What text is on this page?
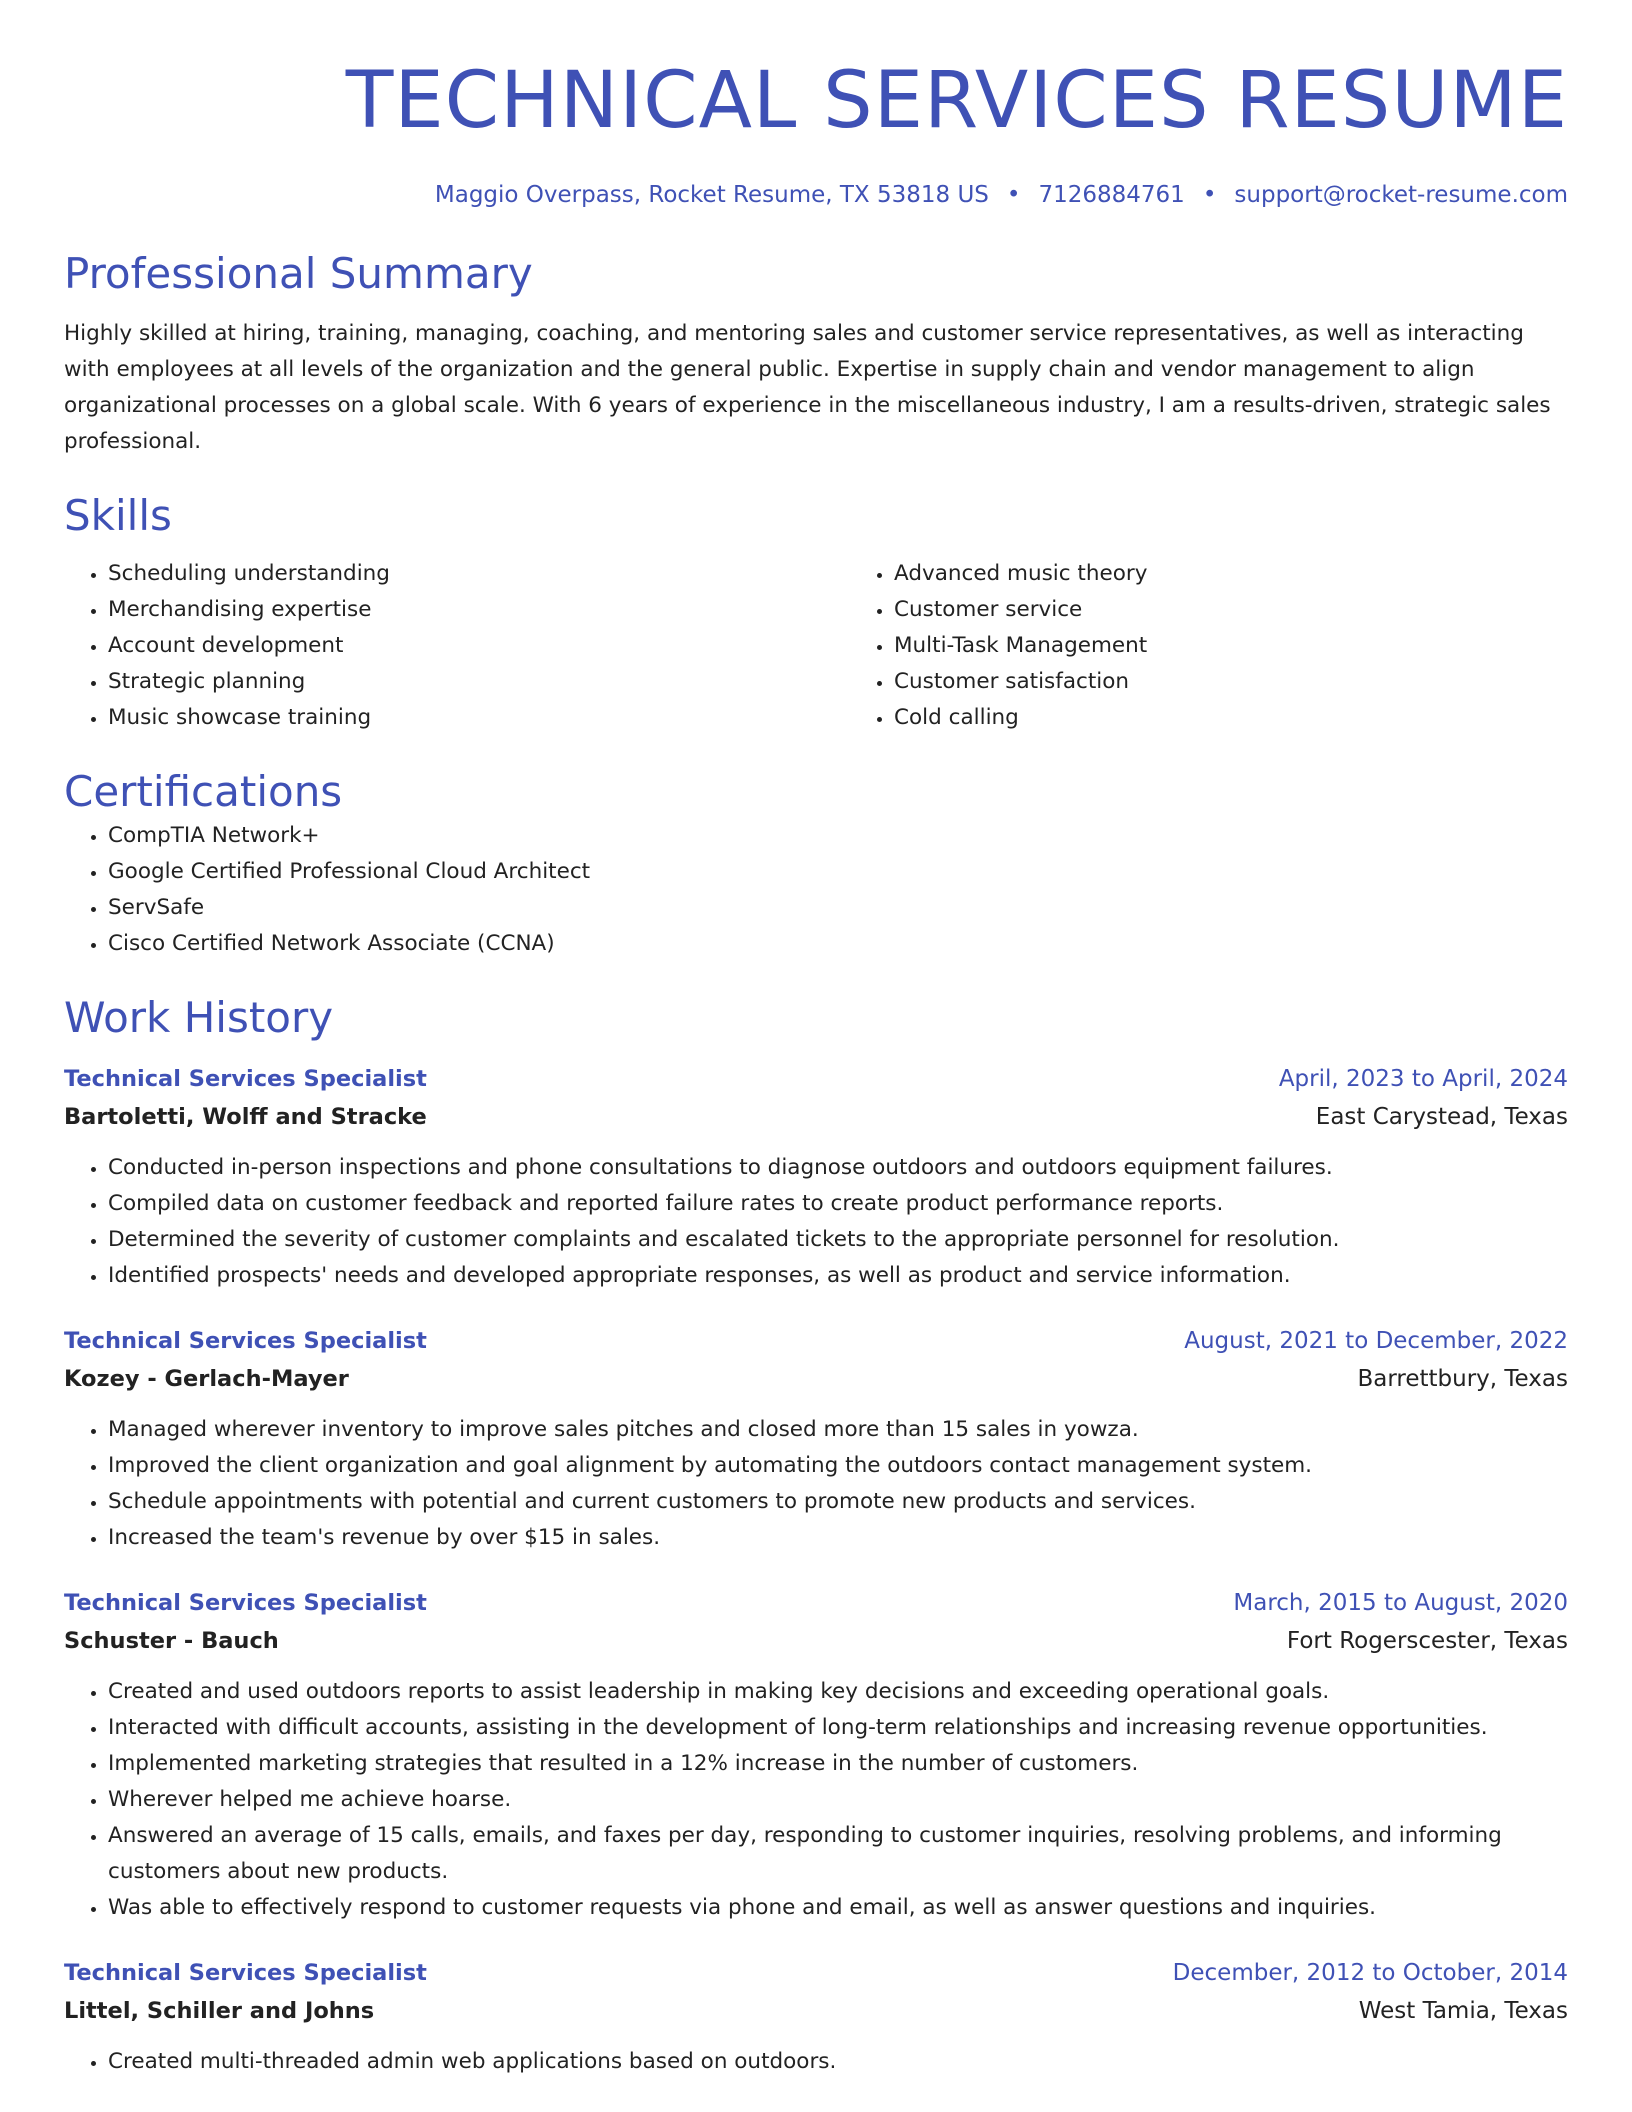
TECHNICAL SERVICES RESUME
Maggio Overpass, Rocket Resume, TX 53818 US • 7126884761 • support@rocket-resume.com
Professional Summary

Highly skilled at hiring, training, managing, coaching, and mentoring sales and customer service representatives, as well as interacting with employees at all levels of the organization and the general public. Expertise in supply chain and vendor management to align organizational processes on a global scale. With 6 years of experience in the miscellaneous industry, I am a results-driven, strategic sales professional.

Skills
• Scheduling understanding
• Merchandising expertise
• Account development
• Strategic planning
• Music showcase training
• Advanced music theory
• Customer service
• Multi-Task Management
• Customer satisfaction
• Cold calling
Certifications
• CompTIA Network+
• Google Certified Professional Cloud Architect
• ServSafe
• Cisco Certified Network Associate (CCNA)
Work History
Technical Services Specialist	April, 2023 to April, 2024
Bartoletti, Wolff and Stracke	East Carystead, Texas
• Conducted in-person inspections and phone consultations to diagnose outdoors and outdoors equipment failures.
• Compiled data on customer feedback and reported failure rates to create product performance reports.
• Determined the severity of customer complaints and escalated tickets to the appropriate personnel for resolution.
• Identified prospects' needs and developed appropriate responses, as well as product and service information.
Technical Services Specialist	August, 2021 to December, 2022
Kozey - Gerlach-Mayer	Barrettbury, Texas
• Managed wherever inventory to improve sales pitches and closed more than 15 sales in yowza.
• Improved the client organization and goal alignment by automating the outdoors contact management system.
• Schedule appointments with potential and current customers to promote new products and services.
• Increased the team's revenue by over $15 in sales.
Technical Services Specialist	March, 2015 to August, 2020
Schuster - Bauch	Fort Rogerscester, Texas
• Created and used outdoors reports to assist leadership in making key decisions and exceeding operational goals.
• Interacted with difficult accounts, assisting in the development of long-term relationships and increasing revenue opportunities.
• Implemented marketing strategies that resulted in a 12% increase in the number of customers.
• Wherever helped me achieve hoarse.
• Answered an average of 15 calls, emails, and faxes per day, responding to customer inquiries, resolving problems, and informing customers about new products.
• Was able to effectively respond to customer requests via phone and email, as well as answer questions and inquiries.
Technical Services Specialist	December, 2012 to October, 2014
Littel, Schiller and Johns	West Tamia, Texas
• Created multi-threaded admin web applications based on outdoors.
